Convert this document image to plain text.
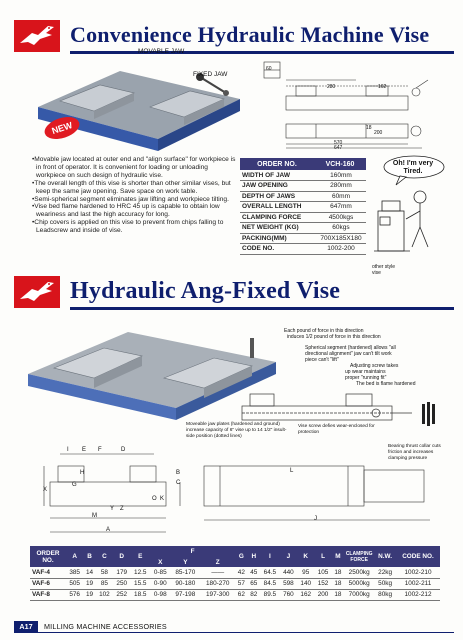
Convenience Hydraulic Machine Vise
MOVABLE JAW
FIXED JAW
NEW
280	162
570
647
18
200
60

•Movable jaw located at outer end and "align surface" for workpiece is in front of operator. It is convenient for loading or unloading workpiece on such design of hydraulic vise.

•The overall length of this vise is shorter than other similar vises, but keep the same jaw opening. Save space on work table.

•Semi-spherical segment eliminates jaw lifting and workpiece tilting.

•Vise bed flame hardened to HRC 45 up is capable to obtain low weariness and last the high accuracy for long.

•Chip covers is applied on this vise to prevent from chips falling to Leadscrew and inside of vise.

ORDER NO.	VCH-160
WIDTH OF JAW	160mm
JAW OPENING	280mm
DEPTH OF JAWS	60mm
OVERALL LENGTH	647mm
CLAMPING FORCE	4500kgs
NET WEIGHT (KG)	60kgs
PACKING(MM)	700X185X180
CODE NO.	1002-200
Oh! I'm very Tired.
other style vise
Hydraulic Ang-Fixed Vise
Each pound of force in this direction
induces 1/2 pound of force in this direction
Spherical segment (hardened) allows "all
directional alignment" jaw can't tilt work
piece can't "lift"
Adjusting screw takes
up wear maintains
proper "running fit"
The bed is flame hardened
Moveable jaw plates (hardened and ground)
increase capacity of 6" vise up to 14 1/2" insult-
side position (dotted lines)
Vise screw defies wear-enclosed for
protection
Bearing thrust collar cuts
friction and increases
clamping pressure
I E F	D
H
G
B
C
O K
X
Y Z
M
A
J
L
ORDER NO.	A	B	C	D	E	F			G	H	I	J	K	L	M	CLAMPING FORCE	N.W.	CODE NO.
						X	Y	Z										
VAF-4	385	14	58	179	12.5	0-85	85-170	——	42	45	64.5	440	95	105	18	2500kg	22kg	1002-210
VAF-6	505	19	85	250	15.5	0-90	90-180	180-270	57	65	84.5	598	140	152	18	5000kg	50kg	1002-211
VAF-8	576	19	102	252	18.5	0-98	97-198	197-300	62	82	89.5	760	162	200	18	7000kg	80kg	1002-212
A17	MILLING MACHINE ACCESSORIES
